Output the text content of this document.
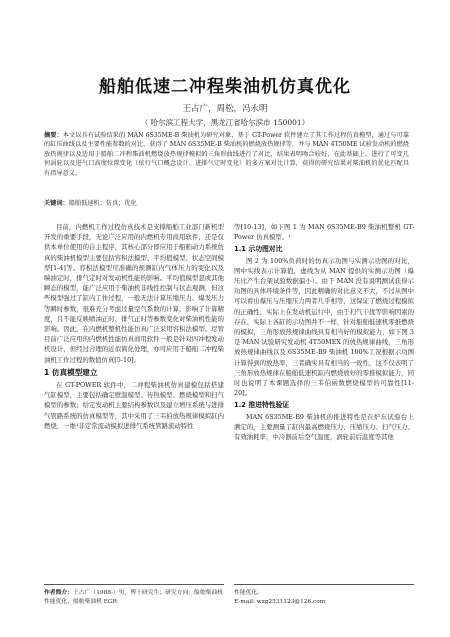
船舶低速二冲程柴油机仿真优化
王占广，周松，冯永明
（ 哈尔滨工程大学，黑龙江省哈尔滨市 150001）
摘要：本文以具有试验结果的 MAN 6S35ME-B 柴油机为研究对象，基于 GT-Power 软件建立了其工作过程仿真模型，通过与可靠的缸压曲线以及主要性能参数的对比，获得了 MAN 6S35ME-B 柴油机的燃烧放热规律等，并与 MAN 4T50ME 试验发动机的燃烧放热规律以及适用于船舶二冲程柴油机燃烧放热规律模拟的三角形曲线进行了对比，结果表明吻合较好，在此基础上，进行了可变几何涡轮以及进气口高度位置变化（依行气口概念设计、进排气定时变化）的多方案对比计算，获得的研究结果对柴油机的优化匹配具有指导意义。
关键词：船舶低速机；仿真；优化

目前，内燃机工作过程仿真技术是支撑船舶工业部门新机型开发的重要手段，无论广泛应用的内燃机专用商用软件，还是仅供本单位使用的自主程序，其核心部分即应用于船舶动力系统仿真的柴油机模型主要包括容积法模型、平均值模型、状态空间模型[1-4]等。容积法模型可准确的预测缸内气体压力的变化以及喘油定时，排气定时对发动机性能的影响。平均值模型忽或其他瞬态的模型，能广泛应用于柴油机非线性控制与状态观测，但这些模型强过了缸内工作过程，一般无法计算压缩压力、爆发压力等瞬时参数，很难充分考虑过量空气系数的计算，影响了计算精度，且不能反映喷油正时、排气正时等参数变化对柴油机性能的影响。因此，在内燃机整机性能仿真广泛采用容积法模型。尽管目前广泛应用的内燃机性能仿真商用软件一般是针对四冲程发动机设计，但经过合理的近似简化处理，亦可应用于船舶二冲程柴油机工作过程的数值仿真[5-10]。

1 仿真模型建立

在 GT-POWER 软件中，二冲程柴油机仿真建模包括搭建气缸模型，主要包括确定壁温模型、传热模型、燃烧模型和扫气模型的参数；给定发动机主要结构参数以及建立增压系统与进排气管路系统的仿真模型等，其中采用了三韦伯放热规律模拟缸内燃烧，一维¹非定常流动模拟进排气系统管路流动特性

等[10-13]，如下图 1 为 MAN 6S35ME-B9 柴油机整机 GT-Power 仿真模型。¹

1.1 示功图对比

图 2 为 100%负荷时的仿真示功图与实测示功图的对比，图中实线表示计算值，虚线为从 MAN 提供的实测示功图（爆压比产生台架试验数据偏小）。由于 MAN 没有说明测试获得示功图的具体环境条件等，因此精确的对比意义不大，不过从图中可以看出爆压与压缩压力两者几乎相等，这保证了燃烧过程模拟的正确性，实际上在发动机运行中，由于扫气干扰等影响因素的存在，实际上各缸的示功图并不一样，针对船舶低速机零推燃烧的模拟，三角形放热规律曲线具有相当好的模拟能力，如下图 3 是 MAN 试验研究发动机 4T50MEX 的放热规律曲线，三角形放热规律曲线以及 6S35ME-B9 柴油机 100%工况根据示功图计算得到的放热率，三者确实具有相当的一致性，这不仅表明了三角形放热规律在船舶低速机缸内燃烧放好的零推模拟能力，同时也说明了本课题选择的三韦伯函数燃烧模型的可靠性[11-20]。

1.2 推进特性验证

MAN 6S35ME-B9 柴油机的推进特性是在炉东试验台上测定的，主要测量了缸内最高燃烧压力、压缩压力、扫气压力、有效油耗率，中冷器前后空气温度，涡轮前后温度等其他

作者简介：王占广（1988-）男，博士研究生；研究方向：船舶柴油机性能优化、船舶柴油机 EGR
性能优化。
E-mail: wzg2531123@126.com
